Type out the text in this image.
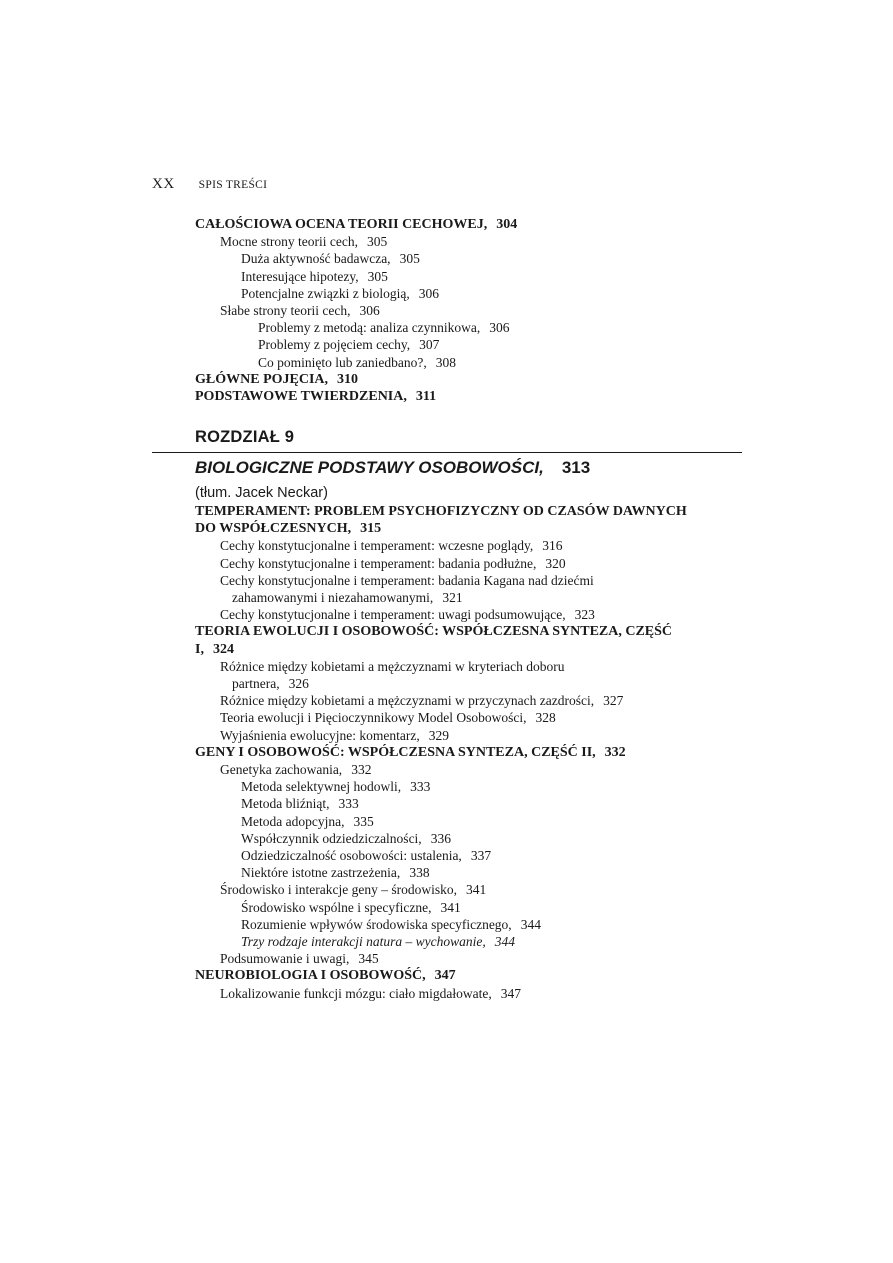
XX SPIS TREŚCI
CAŁOŚCIOWA OCENA TEORII CECHOWEJ, 304
Mocne strony teorii cech, 305
Duża aktywność badawcza, 305
Interesujące hipotezy, 305
Potencjalne związki z biologią, 306
Słabe strony teorii cech, 306
Problemy z metodą: analiza czynnikowa, 306
Problemy z pojęciem cechy, 307
Co pominięto lub zaniedbano?, 308
GŁÓWNE POJĘCIA, 310
PODSTAWOWE TWIERDZENIA, 311
ROZDZIAŁ 9
BIOLOGICZNE PODSTAWY OSOBOWOŚCI, 313
(tłum. Jacek Neckar)
TEMPERAMENT: PROBLEM PSYCHOFIZYCZNY OD CZASÓW DAWNYCH
DO WSPÓŁCZESNYCH, 315
Cechy konstytucjonalne i temperament: wczesne poglądy, 316
Cechy konstytucjonalne i temperament: badania podłużne, 320
Cechy konstytucjonalne i temperament: badania Kagana nad dziećmi
zahamowanymi i niezahamowanymi, 321
Cechy konstytucjonalne i temperament: uwagi podsumowujące, 323
TEORIA EWOLUCJI I OSOBOWOŚĆ: WSPÓŁCZESNA SYNTEZA, CZĘŚĆ
I, 324
Różnice między kobietami a mężczyznami w kryteriach doboru
partnera, 326
Różnice między kobietami a mężczyznami w przyczynach zazdrości, 327
Teoria ewolucji i Pięcioczynnikowy Model Osobowości, 328
Wyjaśnienia ewolucyjne: komentarz, 329
GENY I OSOBOWOŚĆ: WSPÓŁCZESNA SYNTEZA, CZĘŚĆ II, 332
Genetyka zachowania, 332
Metoda selektywnej hodowli, 333
Metoda bliźniąt, 333
Metoda adopcyjna, 335
Współczynnik odziedziczalności, 336
Odziedziczalność osobowości: ustalenia, 337
Niektóre istotne zastrzeżenia, 338
Środowisko i interakcje geny – środowisko, 341
Środowisko wspólne i specyficzne, 341
Rozumienie wpływów środowiska specyficznego, 344
Trzy rodzaje interakcji natura – wychowanie, 344
Podsumowanie i uwagi, 345
NEUROBIOLOGIA I OSOBOWOŚĆ, 347
Lokalizowanie funkcji mózgu: ciało migdałowate, 347
